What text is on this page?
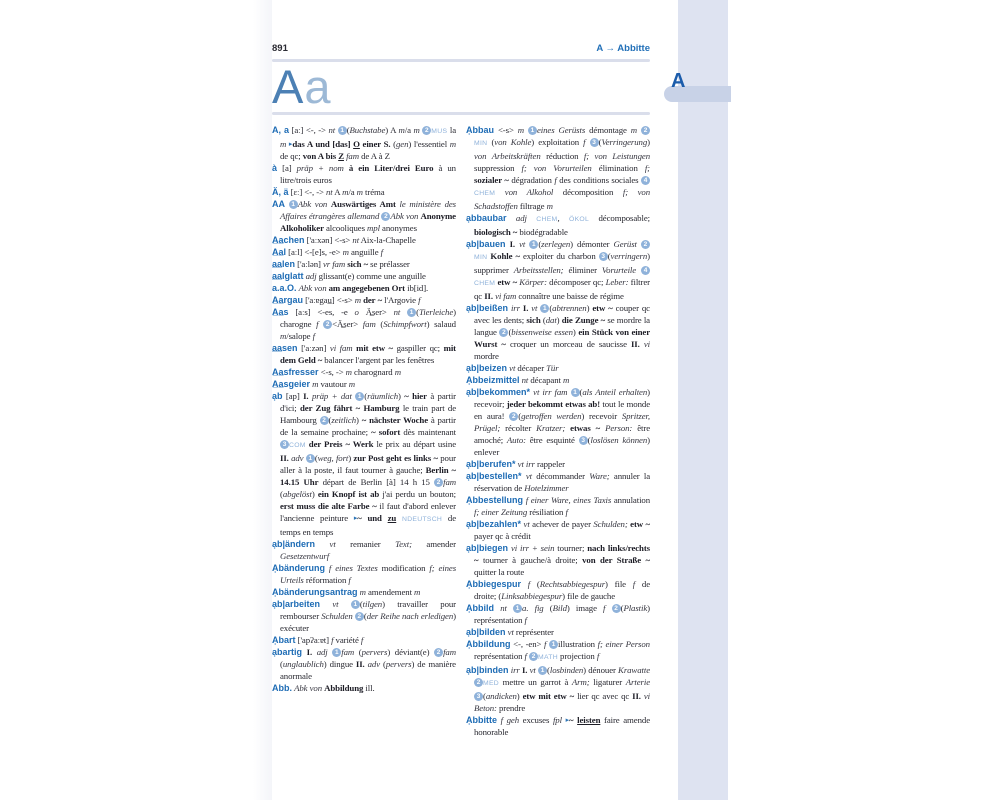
891	A → Abbitte
Aa

A, a [aː] <-, -> nt 1 (Buchstabe) A m/a m 2 MUS la m ▸das A und [das] O einer S. (gen) l'essentiel m de qc; von A bis Z fam de A à Z

à [a] präp + nom à ein Liter/drei Euro à un litre/trois euros

Ä, ä [ɛː] <-, -> nt A m/a m tréma

AA 1 Abk von Auswärtiges Amt le ministère des Affaires étrangères allemand 2 Abk von Anonyme Alkoholiker alcooliques mpl anonymes

A̲a̲chen ['aːxən] <-s> nt Aix-la-Chapelle

A̲a̲l [aːl] <-[e]s, -e> m anguille f

a̲a̲len ['aːlən] vr fam sich ~ se prélasser

a̲a̲lglatt adj glissant(e) comme une anguille

a.a.O. Abk von am angegebenen Ort ib[id].

A̲a̲rgau ['aːɐgau̲] <-s> m der ~ l'Argovie f

A̲a̲s [aːs] <-es, -e o Ä̲ser> nt 1 (Tierleiche) charogne f 2 <Ä̲ser> fam (Schimpfwort) salaud m/salope f

a̲a̲sen ['aːzən] vi fam mit etw ~ gaspiller qc; mit dem Geld ~ balancer l'argent par les fenêtres

A̲a̲sfresser <-s, -> m charognard m

A̲a̲sgeier m vautour m

ạb [ap] I. präp + dat 1 (räumlich) ~ hier à partir d'ici; der Zug fährt ~ Hamburg le train part de Hambourg 2 (zeitlich) ~ nächster Woche à partir de la semaine prochaine; ~ sofort dès maintenant 3 COM der Preis ~ Werk le prix au départ usine II. adv 1 (weg, fort) zur Post geht es links ~ pour aller à la poste, il faut tourner à gauche; Berlin ~ 14.15 Uhr départ de Berlin [à] 14 h 15 2 fam (abgelöst) ein Knopf ist ab j'ai perdu un bouton; erst muss die alte Farbe ~ il faut d'abord enlever l'ancienne peinture ▸~ und zu NDEUTSCH de temps en temps

ạb|ändern vt remanier Text; amender Gesetzentwurf

Ạbänderung f eines Textes modification f; eines Urteils réformation f

Ạbänderungsantrag m amendement m

ạb|arbeiten vt 1 (tilgen) travailler pour rembourser Schulden 2 (der Reihe nach erledigen) exécuter

Ạbart ['apʔaːɐt] f variété f

ạbartig I. adj 1 fam (pervers) déviant(e) 2 fam (unglaublich) dingue II. adv (pervers) de manière anormale

Abb. Abk von Abbildung ill.

Ạbbau <-s> m 1 eines Gerüsts démontage m 2MIN (von Kohle) exploitation f 3 (Verringerung) von Arbeitskräften réduction f; von Leistungen suppression f; von Vorurteilen élimination f; sozialer ~ dégradation f des conditions sociales 4CHEM von Alkohol décomposition f; von Schadstoffen filtrage m

ạbbaubar adj CHEM, ÖKOL décomposable; biologisch ~ biodégradable

ạb|bauen I. vt 1 (zerlegen) démonter Gerüst 2MIN Kohle ~ exploiter du charbon 3 (verringern) supprimer Arbeitsstellen; éliminer Vorurteile 4CHEM etw ~ Körper: décomposer qc; Leber: filtrer qc II. vi fam connaître une baisse de régime

ạb|beißen irr I. vt 1 (abtrennen) etw ~ couper qc avec les dents; sich (dat) die Zunge ~ se mordre la langue 2 (bissenweise essen) ein Stück von einer Wurst ~ croquer un morceau de saucisse II. vi mordre

ạb|beizen vt décaper Tür

Ạbbeizmittel nt décapant m

ạb|bekommen* vt irr fam 1 (als Anteil erhalten) recevoir; jeder bekommt etwas ab! tout le monde en aura! 2 (getroffen werden) recevoir Spritzer, Prügel; récolter Kratzer; etwas ~ Person: être amoché; Auto: être esquinté 3 (loslösen können) enlever

ạb|berufen* vt irr rappeler

ạb|bestellen* vt décommander Ware; annuler la réservation de Hotelzimmer

Ạbbestellung f einer Ware, eines Taxis annulation f; einer Zeitung résiliation f

ạb|bezahlen* vt achever de payer Schulden; etw ~ payer qc à crédit

ạb|biegen vi irr + sein tourner; nach links/rechts ~ tourner à gauche/à droite; von der Straße ~ quitter la route

Ạbbiegespur f (Rechtsabbiegespur) file f de droite; (Linksabbiegespur) file de gauche

Ạbbild nt 1 a. fig (Bild) image f 2 (Plastik) représentation f

ạb|bilden vt représenter

Ạbbildung <-, -en> f 1 illustration f; einer Person représentation f 2 MATH projection f

ạb|binden irr I. vt 1 (losbinden) dénouer Krawatte 2 MED mettre un garrot à Arm; ligaturer Arterie 3 (andicken) etw mit etw ~ lier qc avec qc II. vi Beton: prendre

Ạbbitte f geh excuses fpl ▸~ leisten faire amende honorable

A
